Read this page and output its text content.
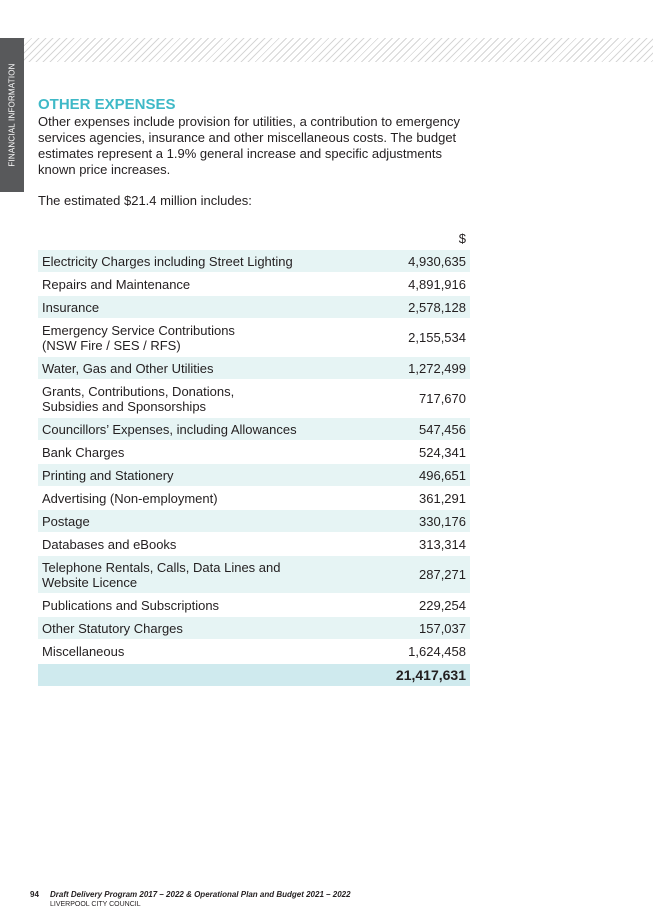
FINANCIAL INFORMATION OTHER EXPENSES

Other expenses include provision for utilities, a contribution to emergency services agencies, insurance and other miscellaneous costs. The budget estimates represent a 1.9% general increase and specific adjustments known price increases.

The estimated $21.4 million includes:

	$
Electricity Charges including Street Lighting	4,930,635
Repairs and Maintenance	4,891,916
Insurance	2,578,128
Emergency Service Contributions (NSW Fire / SES / RFS)	2,155,534
Water, Gas and Other Utilities	1,272,499
Grants, Contributions, Donations, Subsidies and Sponsorships	717,670
Councillors’ Expenses, including Allowances	547,456
Bank Charges	524,341
Printing and Stationery	496,651
Advertising (Non-employment)	361,291
Postage	330,176
Databases and eBooks	313,314
Telephone Rentals, Calls, Data Lines and Website Licence	287,271
Publications and Subscriptions	229,254
Other Statutory Charges	157,037
Miscellaneous	1,624,458
	21,417,631
94 Draft Delivery Program 2017 – 2022 & Operational Plan and Budget 2021 – 2022
LIVERPOOL CITY COUNCIL
